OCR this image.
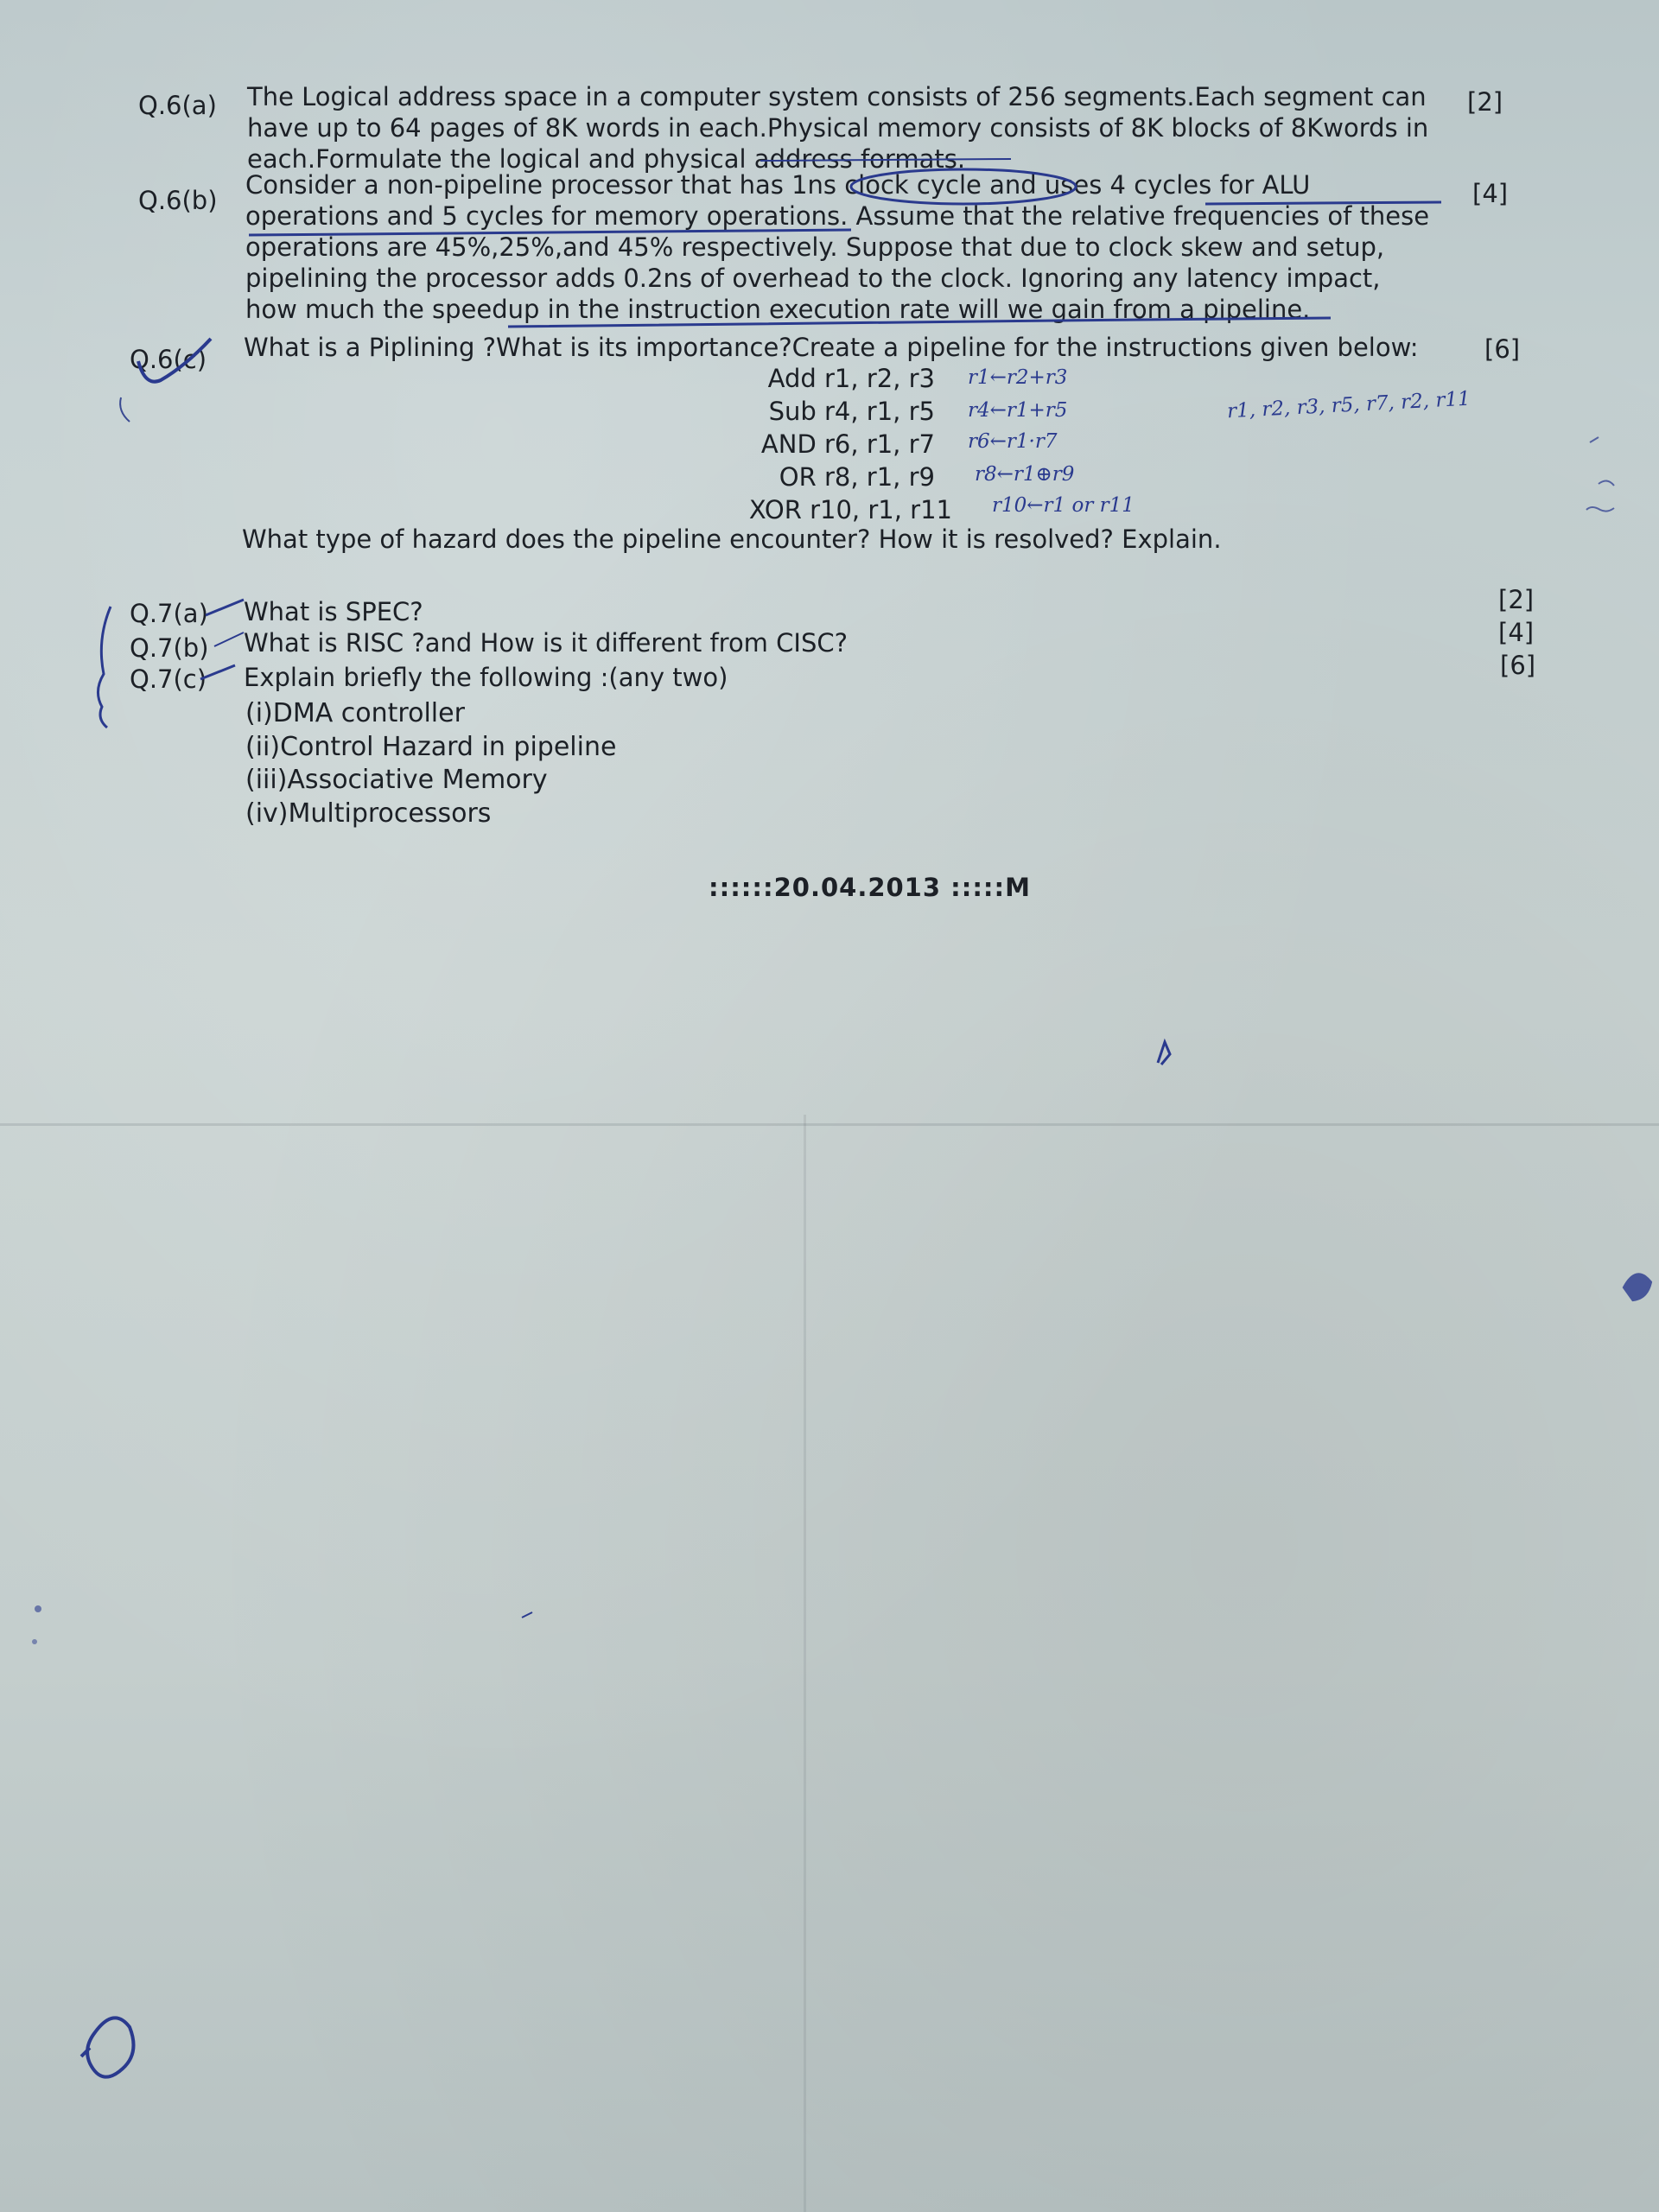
Q.6(a) The Logical address space in a computer system consists of 256 segments.Each segment can
have up to 64 pages of 8K words in each.Physical memory consists of 8K blocks of 8Kwords in
each.Formulate the logical and physical address formats.
[2]
Q.6(b)
Consider a non-pipeline processor that has 1ns clock cycle and uses 4 cycles for ALU
operations and 5 cycles for memory operations. Assume that the relative frequencies of these
operations are 45%,25%,and 45% respectively. Suppose that due to clock skew and setup,
pipelining the processor adds 0.2ns of overhead to the clock. Ignoring any latency impact,
how much the speedup in the instruction execution rate will we gain from a pipeline.
[4]
Q.6(c) What is a Piplining ?What is its importance?Create a pipeline for the instructions given below:	[6]
Add r1, r2, r3
Sub r4, r1, r5
AND r6, r1, r7
OR r8, r1, r9
XOR r10, r1, r11
What type of hazard does the pipeline encounter? How it is resolved? Explain.
Q.7(a) What is SPEC?	[2]
Q.7(b) What is RISC ?and How is it different from CISC?	[4]
Q.7(c) Explain briefly the following :(any two)	[6]
(i)DMA controller
(ii)Control Hazard in pipeline
(iii)Associative Memory
(iv)Multiprocessors
::::::20.04.2013 :::::M
r1←r2+r3
r4←r1+r5
r6←r1·r7
r8←r1⊕r9
r10←r1 or r11
r1, r2, r3, r5, r7, r2, r11
